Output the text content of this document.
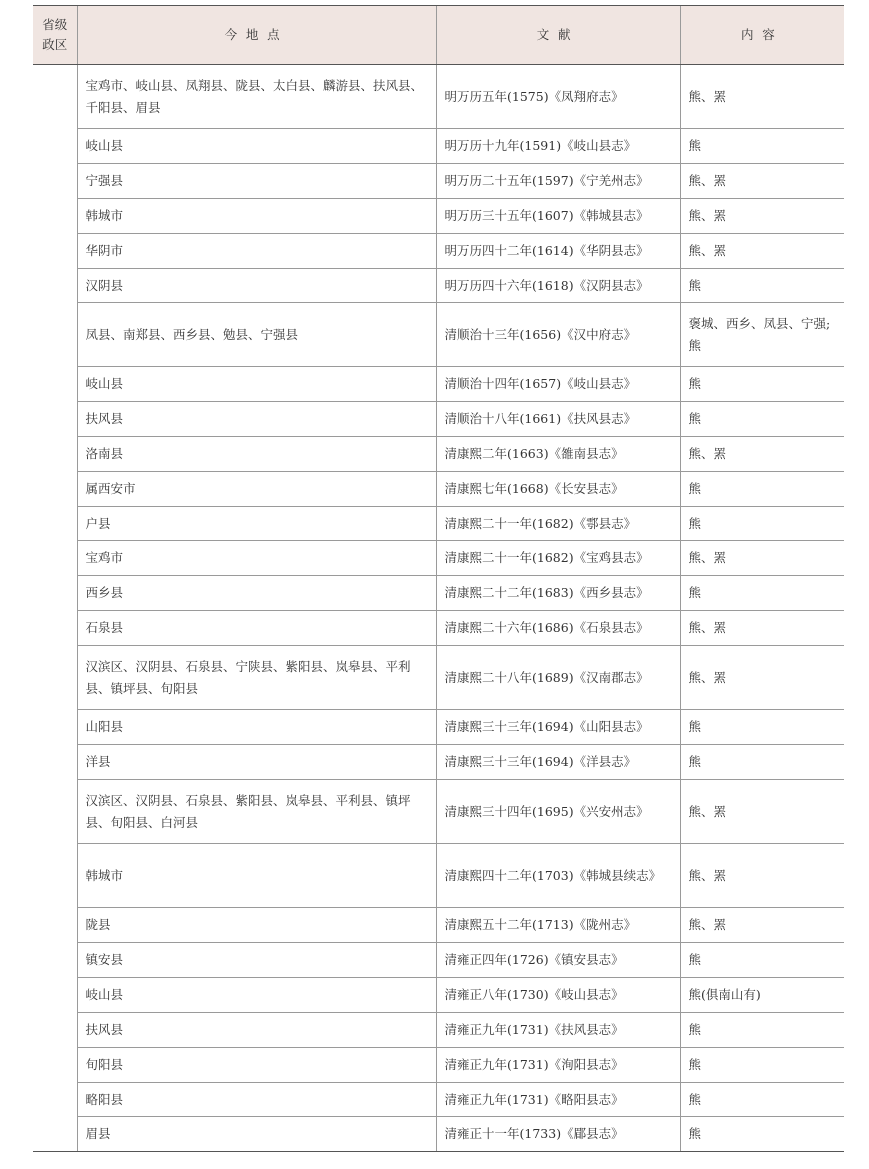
省级
政区	今地点	文献	内容
	宝鸡市、岐山县、凤翔县、陇县、太白县、麟游县、扶风县、千阳县、眉县	明万历五年(1575)《凤翔府志》	熊、罴
	岐山县	明万历十九年(1591)《岐山县志》	熊
	宁强县	明万历二十五年(1597)《宁羌州志》	熊、罴
	韩城市	明万历三十五年(1607)《韩城县志》	熊、罴
	华阴市	明万历四十二年(1614)《华阴县志》	熊、罴
	汉阴县	明万历四十六年(1618)《汉阴县志》	熊
	凤县、南郑县、西乡县、勉县、宁强县	清顺治十三年(1656)《汉中府志》	褒城、西乡、凤县、宁强;熊
	岐山县	清顺治十四年(1657)《岐山县志》	熊
	扶风县	清顺治十八年(1661)《扶风县志》	熊
	洛南县	清康熙二年(1663)《雒南县志》	熊、罴
	属西安市	清康熙七年(1668)《长安县志》	熊
	户县	清康熙二十一年(1682)《鄠县志》	熊
	宝鸡市	清康熙二十一年(1682)《宝鸡县志》	熊、罴
	西乡县	清康熙二十二年(1683)《西乡县志》	熊
	石泉县	清康熙二十六年(1686)《石泉县志》	熊、罴
	汉滨区、汉阴县、石泉县、宁陕县、紫阳县、岚皋县、平利县、镇坪县、旬阳县	清康熙二十八年(1689)《汉南郡志》	熊、罴
	山阳县	清康熙三十三年(1694)《山阳县志》	熊
	洋县	清康熙三十三年(1694)《洋县志》	熊
	汉滨区、汉阴县、石泉县、紫阳县、岚皋县、平利县、镇坪县、旬阳县、白河县	清康熙三十四年(1695)《兴安州志》	熊、罴
	韩城市	清康熙四十二年(1703)《韩城县续志》	熊、罴
	陇县	清康熙五十二年(1713)《陇州志》	熊、罴
	镇安县	清雍正四年(1726)《镇安县志》	熊
	岐山县	清雍正八年(1730)《岐山县志》	熊(俱南山有)
	扶风县	清雍正九年(1731)《扶风县志》	熊
	旬阳县	清雍正九年(1731)《洵阳县志》	熊
	略阳县	清雍正九年(1731)《略阳县志》	熊
	眉县	清雍正十一年(1733)《郿县志》	熊
